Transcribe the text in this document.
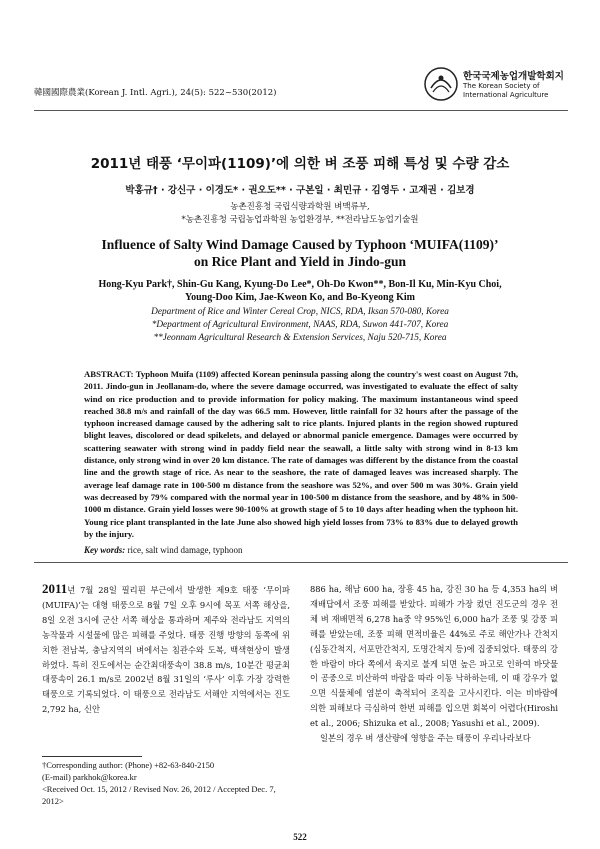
韓國國際農業(Korean J. Intl. Agri.), 24(5): 522~530(2012)
한국국제농업개발학회지
The Korean Society of International Agriculture
2011년 태풍 ‘무이파(1109)’에 의한 벼 조풍 피해 특성 및 수량 감소
박홍규† · 강신구 · 이경도* · 권오도** · 구본일 · 최민규 · 김영두 · 고재권 · 김보경
농촌진흥청 국립식량과학원 벼맥류부,
*농촌진흥청 국립농업과학원 농업환경부, **전라남도농업기술원
Influence of Salty Wind Damage Caused by Typhoon ‘MUIFA(1109)’
on Rice Plant and Yield in Jindo-gun
Hong-Kyu Park†, Shin-Gu Kang, Kyung-Do Lee*, Oh-Do Kwon**, Bon-Il Ku, Min-Kyu Choi,
Young-Doo Kim, Jae-Kweon Ko, and Bo-Kyeong Kim
Department of Rice and Winter Cereal Crop, NICS, RDA, Iksan 570-080, Korea
*Department of Agricultural Environment, NAAS, RDA, Suwon 441-707, Korea
**Jeonnam Agricultural Research & Extension Services, Naju 520-715, Korea
ABSTRACT: Typhoon Muifa (1109) affected Korean peninsula passing along the country's west coast on August 7th, 2011. Jindo-gun in Jeollanam-do, where the severe damage occurred, was investigated to evaluate the effect of salty wind on rice production and to provide information for policy making. The maximum instantaneous wind speed reached 38.8 m/s and rainfall of the day was 66.5 mm. However, little rainfall for 32 hours after the passage of the typhoon increased damage caused by the adhering salt to rice plants. Injured plants in the region showed ruptured blight leaves, discolored or dead spikelets, and delayed or abnormal panicle emergence. Damages were occurred by scattering seawater with strong wind in paddy field near the seawall, a little salty with strong wind in 8-13 km distance, only strong wind in over 20 km distance. The rate of damages was different by the distance from the coastal line and the growth stage of rice. As near to the seashore, the rate of damaged leaves was increased sharply. The average leaf damage rate in 100-500 m distance from the seashore was 52%, and over 500 m was 30%. Grain yield was decreased by 79% compared with the normal year in 100-500 m distance from the seashore, and by 48% in 500-1000 m distance. Grain yield losses were 90-100% at growth stage of 5 to 10 days after heading when the typhoon hit. Young rice plant transplanted in the late June also showed high yield losses from 73% to 83% due to delayed growth by the injury.
Key words: rice, salt wind damage, typhoon

2011년 7월 28일 필리핀 부근에서 발생한 제9호 태풍 ‘무이파(MUIFA)’는 대형 태풍으로 8월 7일 오후 9시에 목포 서쪽 해상을, 8일 오전 3시에 군산 서쪽 해상을 통과하며 제주와 전라남도 지역의 농작물과 시설물에 많은 피해를 주었다. 태풍 진행 방향의 동쪽에 위치한 전남북, 충남지역의 벼에서는 침관수와 도복, 백색현상이 발생하였다. 특히 진도에서는 순간최대풍속이 38.8 m/s, 10분간 평균최대풍속이 26.1 m/s로 2002년 8월 31일의 ‘루사’ 이후 가장 강력한 태풍으로 기록되었다. 이 태풍으로 전라남도 서해안 지역에서는 진도 2,792 ha, 신안

886 ha, 해남 600 ha, 장흥 45 ha, 강진 30 ha 등 4,353 ha의 벼 재배답에서 조풍 피해를 받았다. 피해가 가장 컸던 진도군의 경우 전체 벼 재배면적 6,278 ha중 약 95%인 6,000 ha가 조풍 및 강풍 피해를 받았는데, 조풍 피해 면적비율은 44%로 주로 해안가나 간척지(심동간척지, 서포만간척지, 도명간척지 등)에 집중되었다. 태풍의 강한 바람이 바다 쪽에서 육지로 불게 되면 높은 파고로 인하여 바닷물이 공중으로 비산하여 바람을 따라 이동 낙하하는데, 이 때 강우가 없으면 식물체에 염분이 축적되어 조직을 고사시킨다. 이는 비바람에 의한 피해보다 극심하여 한번 피해를 입으면 회복이 어렵다(Hiroshi et al., 2006; Shizuka et al., 2008; Yasushi et al., 2009).

일본의 경우 벼 생산량에 영향을 주는 태풍이 우리나라보다

†Corresponding author: (Phone) +82-63-840-2150
(E-mail) parkhok@korea.kr
<Received Oct. 15, 2012 / Revised Nov. 26, 2012 / Accepted Dec. 7, 2012>
522
